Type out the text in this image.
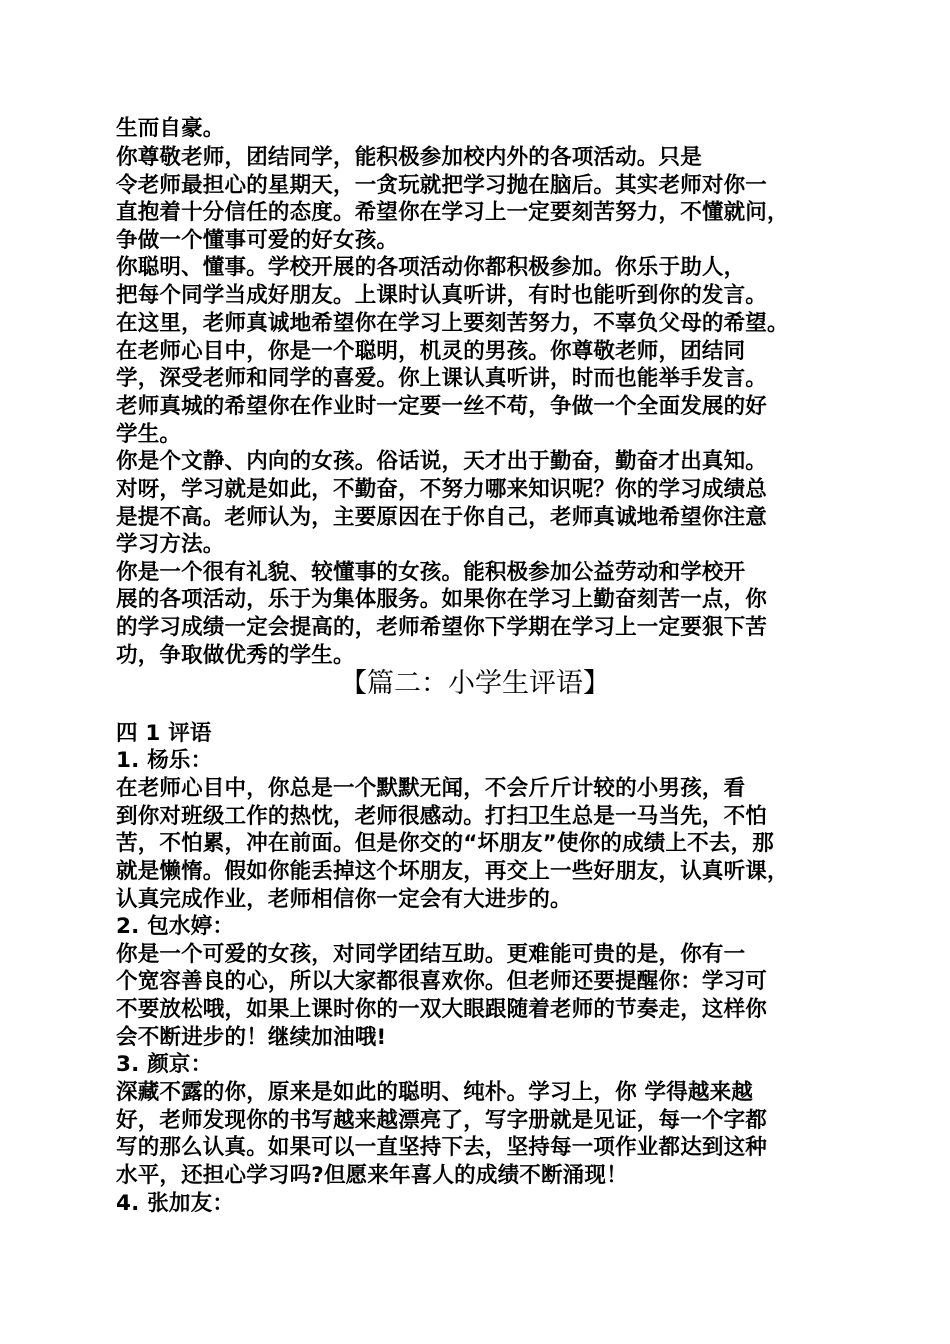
生而自豪。
你尊敬老师，团结同学，能积极参加校内外的各项活动。只是
令老师最担心的星期天，一贪玩就把学习抛在脑后。其实老师对你一
直抱着十分信任的态度。希望你在学习上一定要刻苦努力，不懂就问，
争做一个懂事可爱的好女孩。
你聪明、懂事。学校开展的各项活动你都积极参加。你乐于助人，
把每个同学当成好朋友。上课时认真听讲，有时也能听到你的发言。
在这里，老师真诚地希望你在学习上要刻苦努力，不辜负父母的希望。
在老师心目中，你是一个聪明，机灵的男孩。你尊敬老师，团结同
学，深受老师和同学的喜爱。你上课认真听讲，时而也能举手发言。
老师真城的希望你在作业时一定要一丝不苟，争做一个全面发展的好
学生。
你是个文静、内向的女孩。俗话说，天才出于勤奋，勤奋才出真知。
对呀，学习就是如此，不勤奋，不努力哪来知识呢？你的学习成绩总
是提不高。老师认为，主要原因在于你自己，老师真诚地希望你注意
学习方法。
你是一个很有礼貌、较懂事的女孩。能积极参加公益劳动和学校开
展的各项活动，乐于为集体服务。如果你在学习上勤奋刻苦一点，你
的学习成绩一定会提高的，老师希望你下学期在学习上一定要狠下苦
功，争取做优秀的学生。
【篇二：小学生评语】
四 1 评语
1. 杨乐：
在老师心目中，你总是一个默默无闻，不会斤斤计较的小男孩，看
到你对班级工作的热忱，老师很感动。打扫卫生总是一马当先，不怕
苦，不怕累，冲在前面。但是你交的“坏朋友”使你的成绩上不去，那
就是懒惰。假如你能丢掉这个坏朋友，再交上一些好朋友，认真听课，
认真完成作业，老师相信你一定会有大进步的。
2. 包水婷：
你是一个可爱的女孩，对同学团结互助。更难能可贵的是，你有一
个宽容善良的心，所以大家都很喜欢你。但老师还要提醒你：学习可
不要放松哦，如果上课时你的一双大眼跟随着老师的节奏走，这样你
会不断进步的！继续加油哦!
3. 颜京：
深藏不露的你，原来是如此的聪明、纯朴。学习上，你 学得越来越
好，老师发现你的书写越来越漂亮了，写字册就是见证，每一个字都
写的那么认真。如果可以一直坚持下去，坚持每一项作业都达到这种
水平，还担心学习吗?但愿来年喜人的成绩不断涌现！
4. 张加友：
